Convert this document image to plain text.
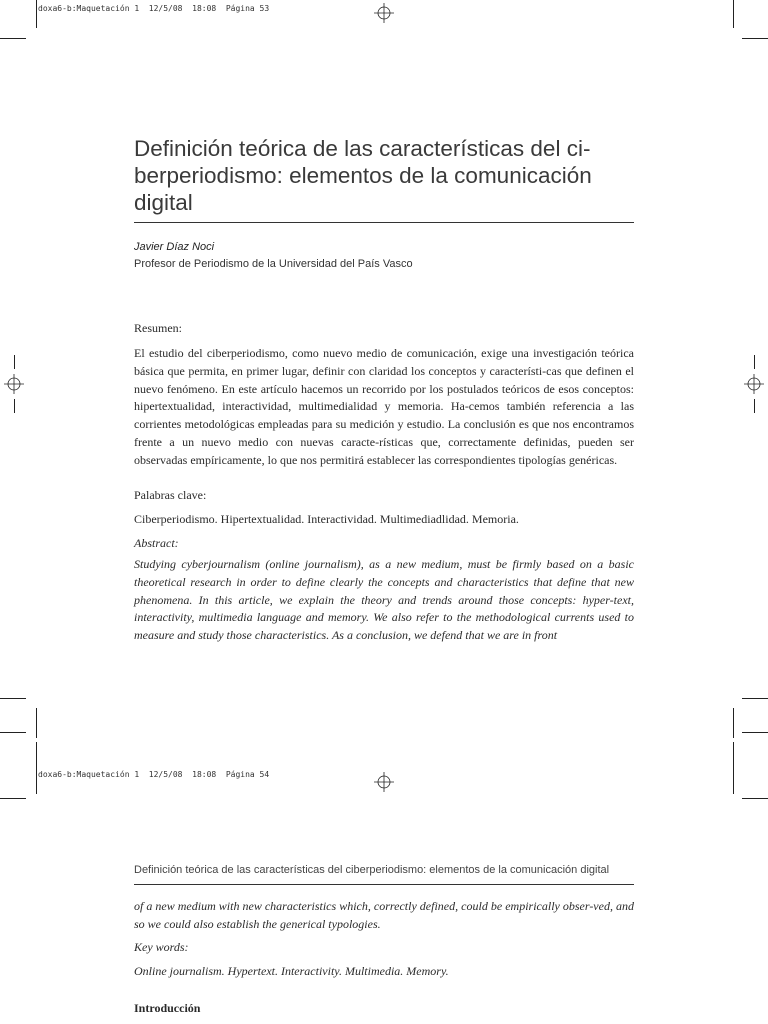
doxa6-b:Maquetación 1  12/5/08  18:08  Página 53
Definición teórica de las características del ci-berperiodismo: elementos de la comunicación digital
Javier Díaz Noci
Profesor de Periodismo de la Universidad del País Vasco
Resumen:
El estudio del ciberperiodismo, como nuevo medio de comunicación, exige una investigación teórica básica que permita, en primer lugar, definir con claridad los conceptos y característi-cas que definen el nuevo fenómeno. En este artículo hacemos un recorrido por los postulados teóricos de esos conceptos: hipertextualidad, interactividad, multimedialidad y memoria. Ha-cemos también referencia a las corrientes metodológicas empleadas para su medición y estudio. La conclusión es que nos encontramos frente a un nuevo medio con nuevas caracte-rísticas que, correctamente definidas, pueden ser observadas empíricamente, lo que nos permitirá establecer las correspondientes tipologías genéricas.
Palabras clave:
Ciberperiodismo. Hipertextualidad. Interactividad. Multimediadlidad. Memoria.
Abstract:
Studying cyberjournalism (online journalism), as a new medium, must be firmly based on a basic theoretical research in order to define clearly the concepts and characteristics that define that new phenomena. In this article, we explain the theory and trends around those concepts: hyper-text, interactivity, multimedia language and memory. We also refer to the methodological currents used to measure and study those characteristics. As a conclusion, we defend that we are in front
doxa6-b:Maquetación 1  12/5/08  18:08  Página 54
Definición teórica de las características del ciberperiodismo: elementos de la comunicación digital
of a new medium with new characteristics which, correctly defined, could be empirically obser-ved, and so we could also establish the generical typologies.
Key words:
Online journalism. Hypertext. Interactivity. Multimedia. Memory.
Introducción
